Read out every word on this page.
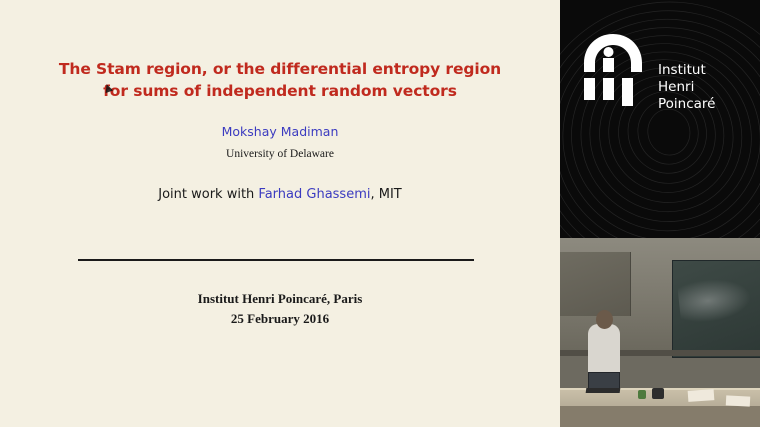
The Stam region, or the differential entropy region
for sums of independent random vectors
Mokshay Madiman
University of Delaware
Joint work with Farhad Ghassemi, MIT
Institut Henri Poincaré, Paris
25 February 2016
Institut
Henri
Poincaré
